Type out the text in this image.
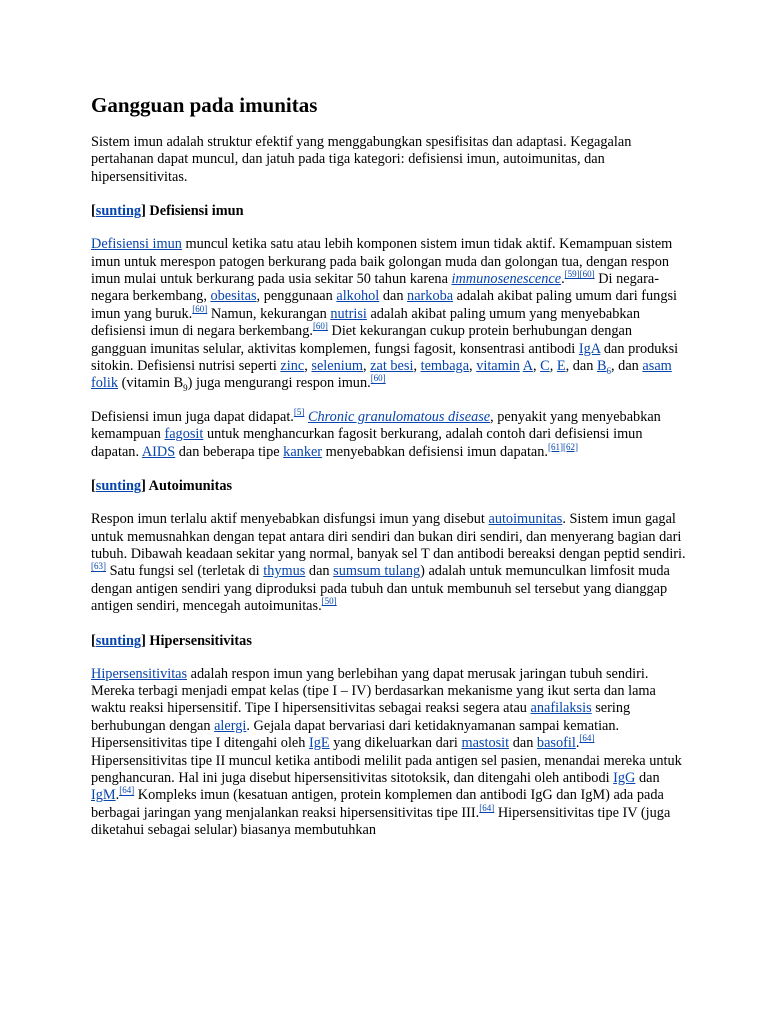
Gangguan pada imunitas

Sistem imun adalah struktur efektif yang menggabungkan spesifisitas dan adaptasi. Kegagalan pertahanan dapat muncul, dan jatuh pada tiga kategori: defisiensi imun, autoimunitas, dan hipersensitivitas.

[sunting] Defisiensi imun

Defisiensi imun muncul ketika satu atau lebih komponen sistem imun tidak aktif. Kemampuan sistem imun untuk merespon patogen berkurang pada baik golongan muda dan golongan tua, dengan respon imun mulai untuk berkurang pada usia sekitar 50 tahun karena immunosenescence.[59][60] Di negara-negara berkembang, obesitas, penggunaan alkohol dan narkoba adalah akibat paling umum dari fungsi imun yang buruk.[60] Namun, kekurangan nutrisi adalah akibat paling umum yang menyebabkan defisiensi imun di negara berkembang.[60] Diet kekurangan cukup protein berhubungan dengan gangguan imunitas selular, aktivitas komplemen, fungsi fagosit, konsentrasi antibodi IgA dan produksi sitokin. Defisiensi nutrisi seperti zinc, selenium, zat besi, tembaga, vitamin A, C, E, dan $B_6$, dan asam folik (vitamin $B_9$) juga mengurangi respon imun.[60]

Defisiensi imun juga dapat didapat.[5] Chronic granulomatous disease, penyakit yang menyebabkan kemampuan fagosit untuk menghancurkan fagosit berkurang, adalah contoh dari defisiensi imun dapatan. AIDS dan beberapa tipe kanker menyebabkan defisiensi imun dapatan.[61][62]

[sunting] Autoimunitas

Respon imun terlalu aktif menyebabkan disfungsi imun yang disebut autoimunitas. Sistem imun gagal untuk memusnahkan dengan tepat antara diri sendiri dan bukan diri sendiri, dan menyerang bagian dari tubuh. Dibawah keadaan sekitar yang normal, banyak sel T dan antibodi bereaksi dengan peptid sendiri.[63] Satu fungsi sel (terletak di thymus dan sumsum tulang) adalah untuk memunculkan limfosit muda dengan antigen sendiri yang diproduksi pada tubuh dan untuk membunuh sel tersebut yang dianggap antigen sendiri, mencegah autoimunitas.[50]

[sunting] Hipersensitivitas

Hipersensitivitas adalah respon imun yang berlebihan yang dapat merusak jaringan tubuh sendiri. Mereka terbagi menjadi empat kelas (tipe I – IV) berdasarkan mekanisme yang ikut serta dan lama waktu reaksi hipersensitif. Tipe I hipersensitivitas sebagai reaksi segera atau anafilaksis sering berhubungan dengan alergi. Gejala dapat bervariasi dari ketidaknyamanan sampai kematian. Hipersensitivitas tipe I ditengahi oleh IgE yang dikeluarkan dari mastosit dan basofil.[64] Hipersensitivitas tipe II muncul ketika antibodi melilit pada antigen sel pasien, menandai mereka untuk penghancuran. Hal ini juga disebut hipersensitivitas sitotoksik, dan ditengahi oleh antibodi IgG dan IgM.[64] Kompleks imun (kesatuan antigen, protein komplemen dan antibodi IgG dan IgM) ada pada berbagai jaringan yang menjalankan reaksi hipersensitivitas tipe III.[64] Hipersensitivitas tipe IV (juga diketahui sebagai selular) biasanya membutuhkan
